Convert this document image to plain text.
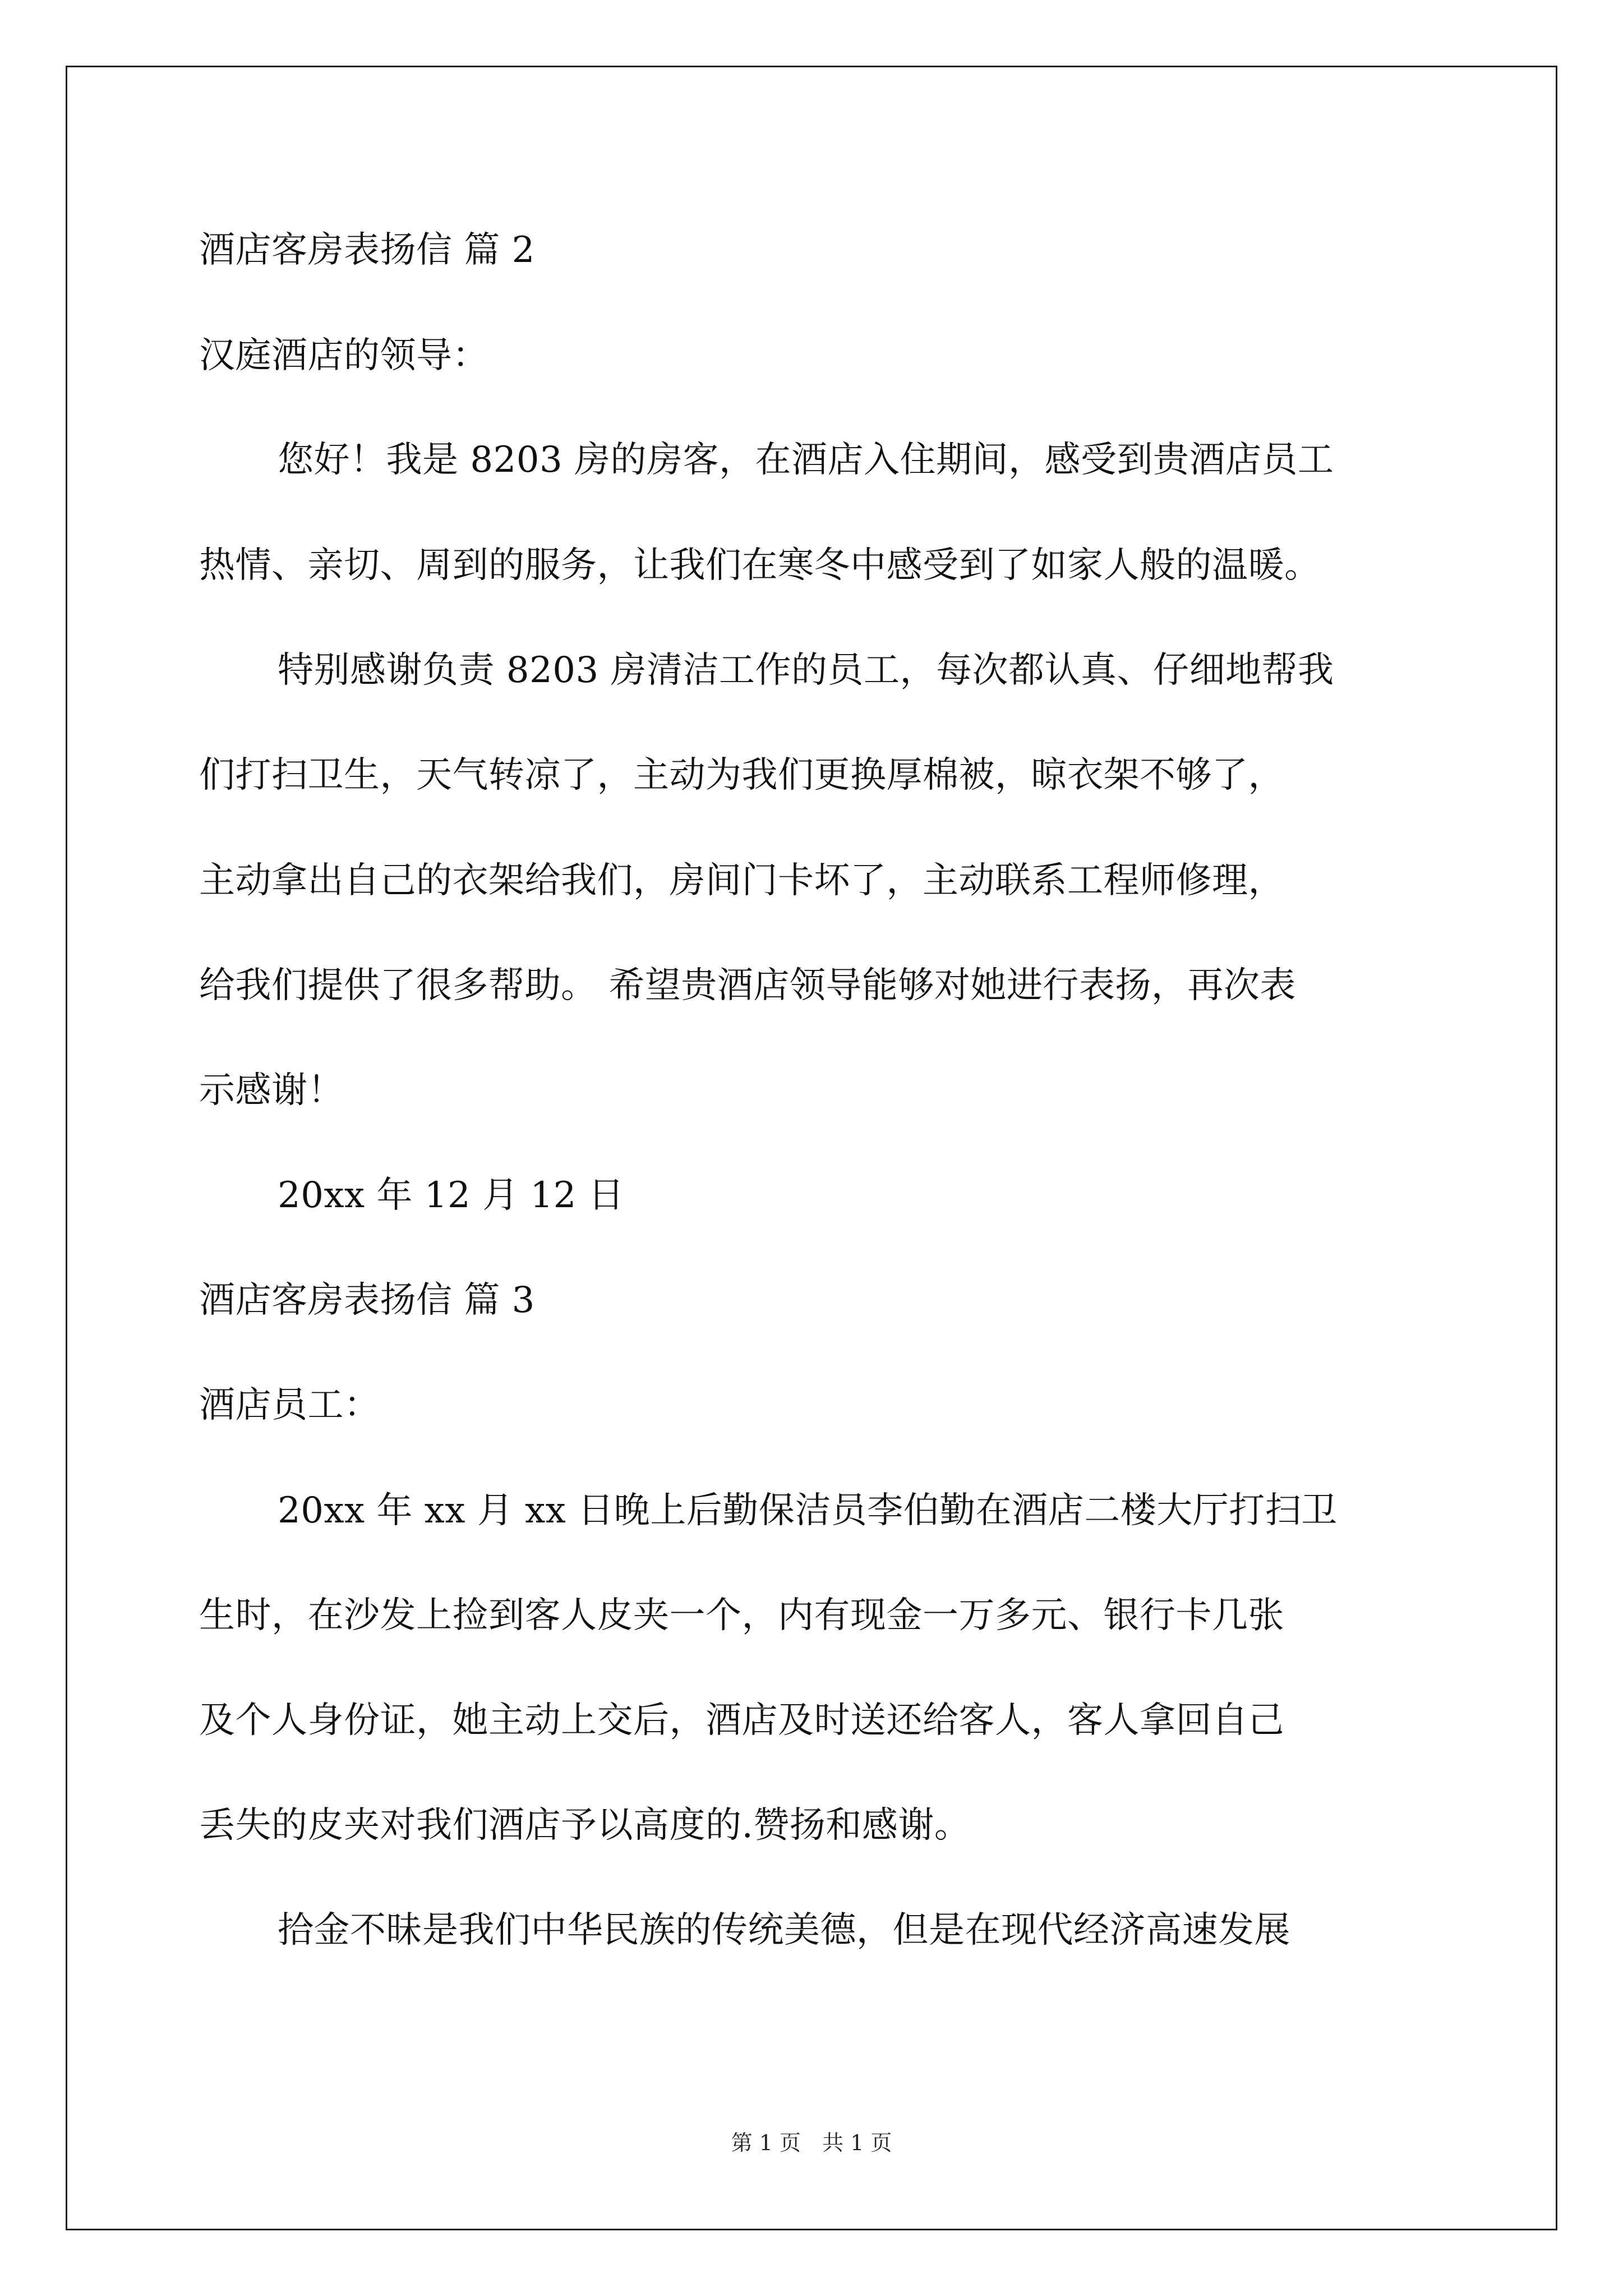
酒店客房表扬信 篇 2
汉庭酒店的领导：
您好！我是 8203 房的房客，在酒店入住期间，感受到贵酒店员工
热情、亲切、周到的服务，让我们在寒冬中感受到了如家人般的温暖。
特别感谢负责 8203 房清洁工作的员工，每次都认真、仔细地帮我
们打扫卫生，天气转凉了，主动为我们更换厚棉被，晾衣架不够了，
主动拿出自己的衣架给我们，房间门卡坏了，主动联系工程师修理，
给我们提供了很多帮助。 希望贵酒店领导能够对她进行表扬，再次表
示感谢！
20xx 年 12 月 12 日
酒店客房表扬信 篇 3
酒店员工：
20xx 年 xx 月 xx 日晚上后勤保洁员李伯勤在酒店二楼大厅打扫卫
生时，在沙发上捡到客人皮夹一个，内有现金一万多元、银行卡几张
及个人身份证，她主动上交后，酒店及时送还给客人，客人拿回自己
丢失的皮夹对我们酒店予以高度的.赞扬和感谢。
拾金不昧是我们中华民族的传统美德，但是在现代经济高速发展
第 1 页　共 1 页
